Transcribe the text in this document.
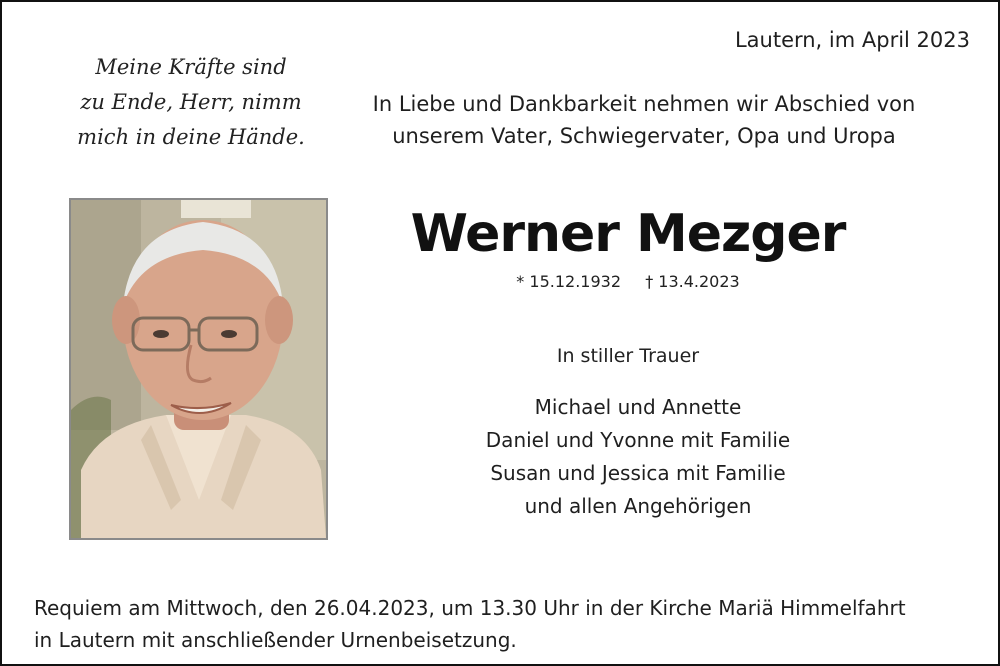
Meine Kräfte sind
zu Ende, Herr, nimm
mich in deine Hände.
Lautern, im April 2023
In Liebe und Dankbarkeit nehmen wir Abschied von
unserem Vater, Schwiegervater, Opa und Uropa
Werner Mezger
* 15.12.1932 † 13.4.2023
In stiller Trauer
Michael und Annette
Daniel und Yvonne mit Familie
Susan und Jessica mit Familie
und allen Angehörigen
Requiem am Mittwoch, den 26.04.2023, um 13.30 Uhr in der Kirche Mariä Himmelfahrt
in Lautern mit anschließender Urnenbeisetzung.
